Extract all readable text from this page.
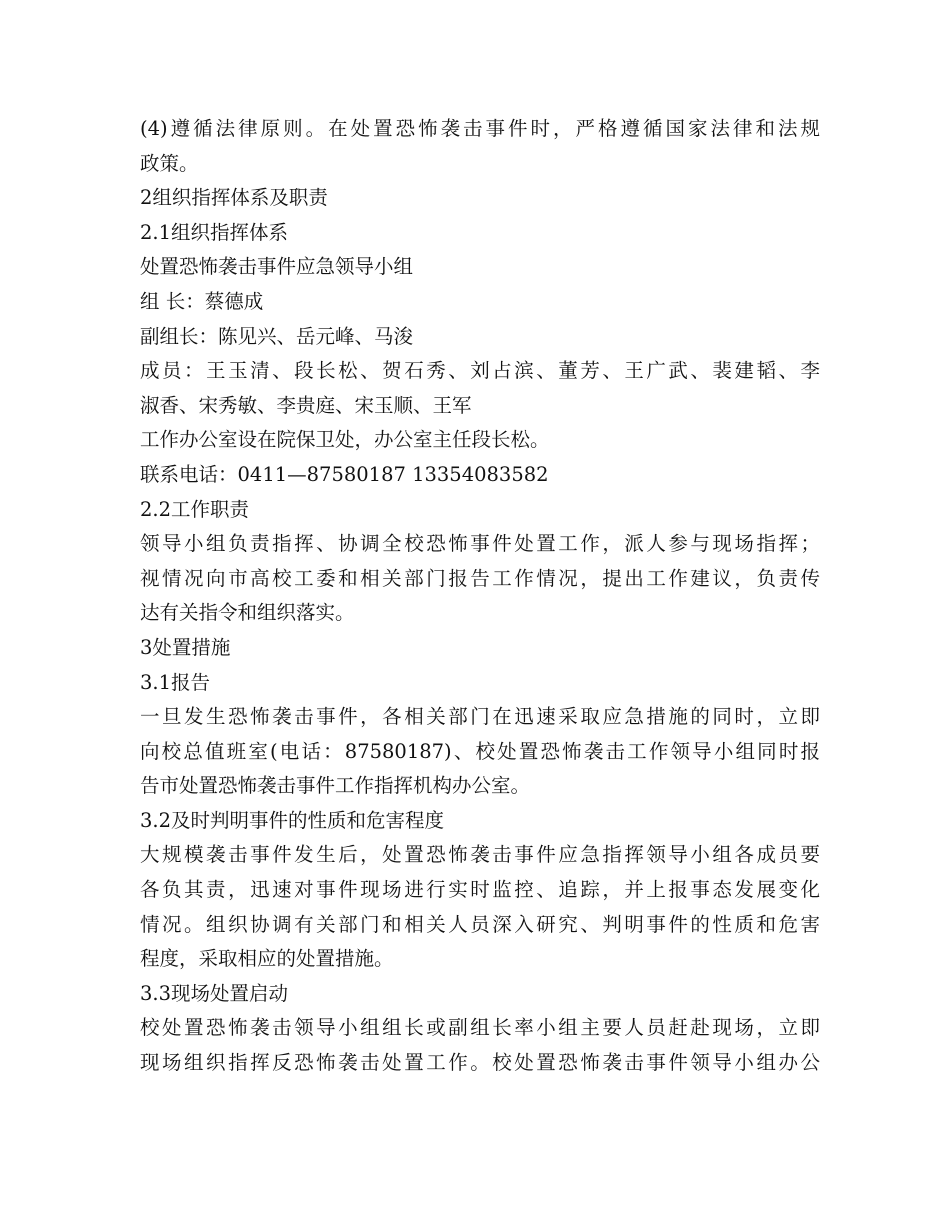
(4)遵循法律原则。在处置恐怖袭击事件时，严格遵循国家法律和法规
政策。
2组织指挥体系及职责
2.1组织指挥体系
处置恐怖袭击事件应急领导小组
组 长：蔡德成
副组长：陈见兴、岳元峰、马浚
成员：王玉清、段长松、贺石秀、刘占滨、董芳、王广武、裴建韬、李
淑香、宋秀敏、李贵庭、宋玉顺、王军
工作办公室设在院保卫处，办公室主任段长松。
联系电话：0411—87580187 13354083582
2.2工作职责
领导小组负责指挥、协调全校恐怖事件处置工作，派人参与现场指挥；
视情况向市高校工委和相关部门报告工作情况，提出工作建议，负责传
达有关指令和组织落实。
3处置措施
3.1报告
一旦发生恐怖袭击事件，各相关部门在迅速采取应急措施的同时，立即
向校总值班室(电话：87580187)、校处置恐怖袭击工作领导小组同时报
告市处置恐怖袭击事件工作指挥机构办公室。
3.2及时判明事件的性质和危害程度
大规模袭击事件发生后，处置恐怖袭击事件应急指挥领导小组各成员要
各负其责，迅速对事件现场进行实时监控、追踪，并上报事态发展变化
情况。组织协调有关部门和相关人员深入研究、判明事件的性质和危害
程度，采取相应的处置措施。
3.3现场处置启动
校处置恐怖袭击领导小组组长或副组长率小组主要人员赶赴现场，立即
现场组织指挥反恐怖袭击处置工作。校处置恐怖袭击事件领导小组办公
